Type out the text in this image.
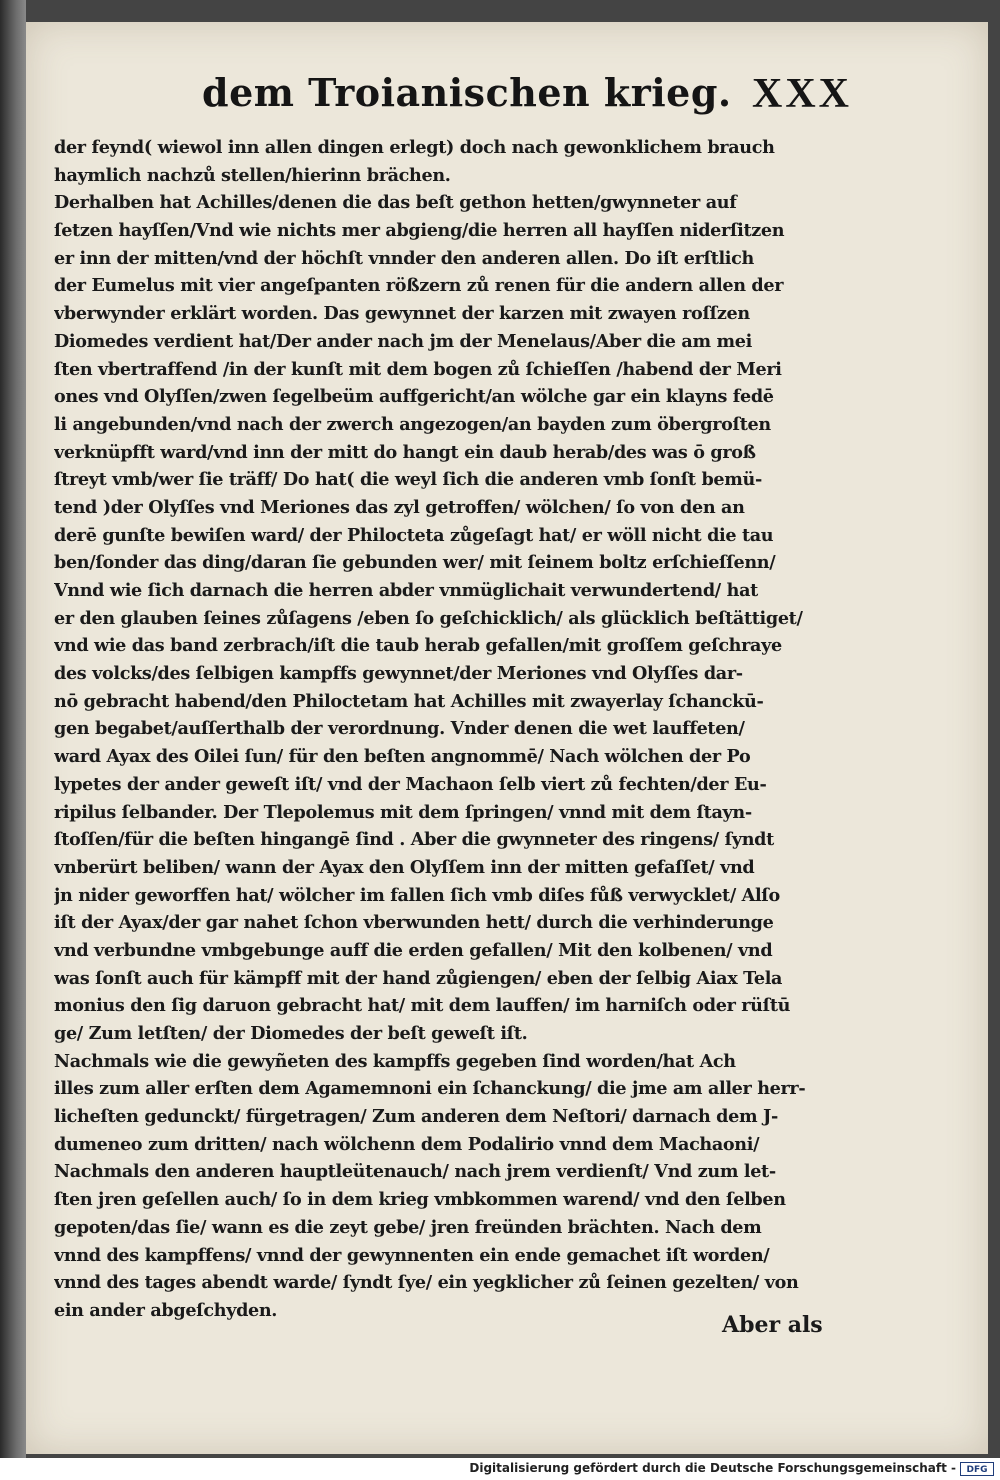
dem Troianischen krieg. XXX
der feynd( wiewol inn allen dingen erlegt) doch nach gewonklichem brauch
haymlich nachzů stellen/hierinn brächen.
Derhalben hat Achilles/denen die das beſt gethon hetten/gwynneter auf
ſetzen hayſſen/Vnd wie nichts mer abgieng/die herren all hayſſen niderſitzen
er inn der mitten/vnd der höchſt vnnder den anderen allen. Do iſt erſtlich
der Eumelus mit vier angeſpanten rößzern zů renen für die andern allen der
vberwynder erklärt worden. Das gewynnet der karzen mit zwayen roſſzen
Diomedes verdient hat/Der ander nach jm der Menelaus/Aber die am mei
ſten vbertraffend /in der kunſt mit dem bogen zů ſchieſſen /habend der Meri
ones vnd Olyſſen/zwen ſegelbeüm auffgericht/an wölche gar ein klayns fedē
li angebunden/vnd nach der zwerch angezogen/an bayden zum öbergroſten
verknüpfft ward/vnd inn der mitt do hangt ein daub herab/des was ō groß
ſtreyt vmb/wer ſie träff/ Do hat( die weyl ſich die anderen vmb ſonſt bemü-
tend )der Olyſſes vnd Meriones das zyl getroffen/ wölchen/ ſo von den an
derē gunſte bewiſen ward/ der Philocteta zůgeſagt hat/ er wöll nicht die tau
ben/ſonder das ding/daran ſie gebunden wer/ mit ſeinem boltz erſchieſſenn/
Vnnd wie ſich darnach die herren abder vnmüglichait verwundertend/ hat
er den glauben ſeines zůſagens /eben ſo geſchicklich/ als glücklich beſtättiget/
vnd wie das band zerbrach/iſt die taub herab gefallen/mit groſſem geſchraye
des volcks/des ſelbigen kampffs gewynnet/der Meriones vnd Olyſſes dar-
nō gebracht habend/den Philoctetam hat Achilles mit zwayerlay ſchanckū-
gen begabet/auſſerthalb der verordnung. Vnder denen die wet lauffeten/
ward Ayax des Oilei ſun/ für den beſten angnommē/ Nach wölchen der Po
lypetes der ander geweſt iſt/ vnd der Machaon ſelb viert zů fechten/der Eu-
ripilus ſelbander. Der Tlepolemus mit dem ſpringen/ vnnd mit dem ſtayn-
ſtoſſen/für die beſten hingangē ſind . Aber die gwynneter des ringens/ ſyndt
vnberürt beliben/ wann der Ayax den Olyſſem inn der mitten gefaſſet/ vnd
jn nider geworffen hat/ wölcher im fallen ſich vmb diſes fůß verwycklet/ Alſo
iſt der Ayax/der gar nahet ſchon vberwunden hett/ durch die verhinderunge
vnd verbundne vmbgebunge auff die erden gefallen/ Mit den kolbenen/ vnd
was ſonſt auch für kämpff mit der hand zůgiengen/ eben der ſelbig Aiax Tela
monius den ſig daruon gebracht hat/ mit dem lauffen/ im harniſch oder rüſtū
ge/ Zum letſten/ der Diomedes der beſt geweſt iſt.
Nachmals wie die gewyñeten des kampffs gegeben ſind worden/hat Ach
illes zum aller erſten dem Agamemnoni ein ſchanckung/ die jme am aller herr-
licheſten gedunckt/ fürgetragen/ Zum anderen dem Neſtori/ darnach dem J-
dumeneo zum dritten/ nach wölchenn dem Podalirio vnnd dem Machaoni/
Nachmals den anderen hauptleütenauch/ nach jrem verdienſt/ Vnd zum let-
ſten jren geſellen auch/ ſo in dem krieg vmbkommen warend/ vnd den ſelben
gepoten/das ſie/ wann es die zeyt gebe/ jren freünden brächten. Nach dem
vnnd des kampffens/ vnnd der gewynnenten ein ende gemachet iſt worden/
vnnd des tages abendt warde/ ſyndt ſye/ ein yegklicher zů ſeinen gezelten/ von
ein ander abgeſchyden.
Aber als
Digitalisierung gefördert durch die Deutsche Forschungsgemeinschaft -	DFG
